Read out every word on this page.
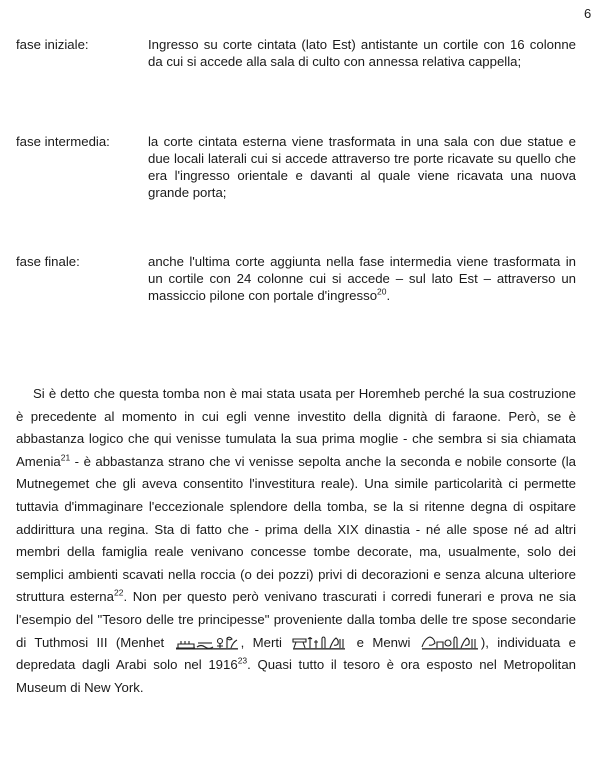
6
fase iniziale:	Ingresso su corte cintata (lato Est) antistante un cortile con 16 colonne da cui si accede alla sala di culto con annessa relativa cappella;
fase intermedia:	la corte cintata esterna viene trasformata in una sala con due statue e due locali laterali cui si accede attraverso tre porte ricavate su quello che era l'ingresso orientale e davanti al quale viene ricavata una nuova grande porta;
fase finale:	anche l'ultima corte aggiunta nella fase intermedia viene trasformata in un cortile con 24 colonne cui si accede – sul lato Est – attraverso un massiccio pilone con portale d'ingresso$^{20}$.
Si è detto che questa tomba non è mai stata usata per Horemheb perché la sua costruzione è precedente al momento in cui egli venne investito della dignità di faraone. Però, se è abbastanza logico che qui venisse tumulata la sua prima moglie - che sembra si sia chiamata Amenia$^{21}$ - è abbastanza strano che vi venisse sepolta anche la seconda e nobile consorte (la Mutnegemet che gli aveva consentito l'investitura reale). Una simile particolarità ci permette tuttavia d'immaginare l'eccezionale splendore della tomba, se la si ritenne degna di ospitare addirittura una regina. Sta di fatto che - prima della XIX dinastia - né alle spose né ad altri membri della famiglia reale venivano concesse tombe decorate, ma, usualmente, solo dei semplici ambienti scavati nella roccia (o dei pozzi) privi di decorazioni e senza alcuna ulteriore struttura esterna$^{22}$. Non per questo però venivano trascurati i corredi funerari e prova ne sia l'esempio del "Tesoro delle tre principesse" proveniente dalla tomba delle tre spose secondarie di Tuthmosi III (Menhet	, Merti	e Menwi	), individuata e depredata dagli Arabi solo nel 1916$^{23}$. Quasi tutto il tesoro è ora esposto nel Metropolitan Museum di New York.
